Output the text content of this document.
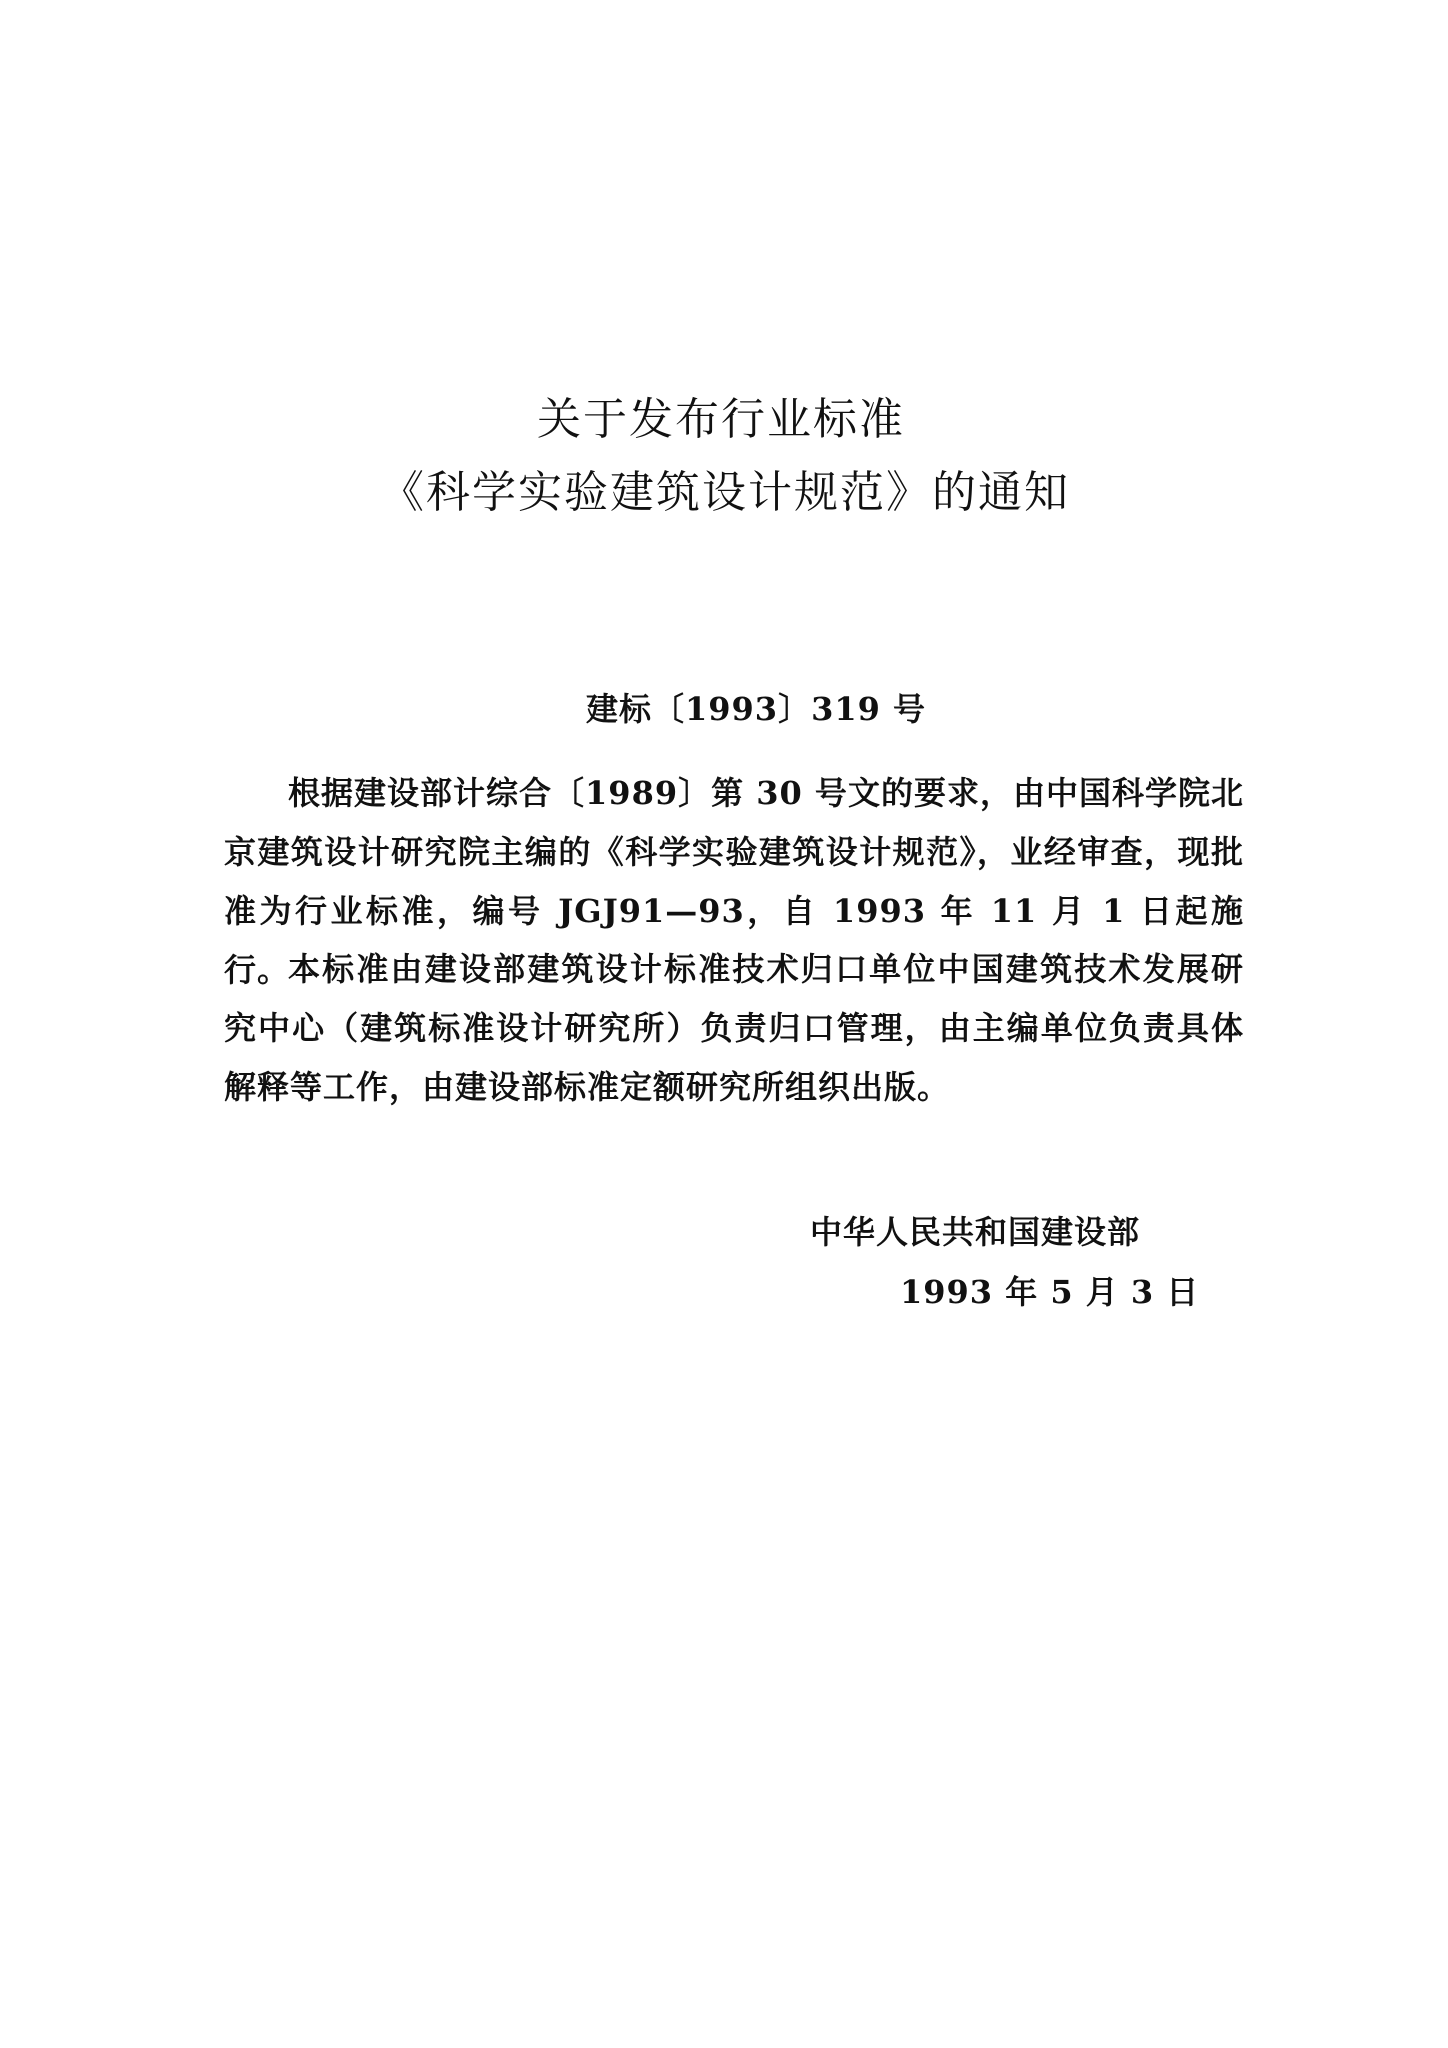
关于发布行业标准
《科学实验建筑设计规范》的通知
建标〔1993〕319 号

根据建设部计综合〔1989〕第 30 号文的要求，由中国科学院北京建筑设计研究院主编的《科学实验建筑设计规范》，业经审查，现批准为行业标准，编号 JGJ91—93，自 1993 年 11 月 1 日起施行。

本标准由建设部建筑设计标准技术归口单位中国建筑技术发展研究中心（建筑标准设计研究所）负责归口管理，由主编单位负责具体解释等工作，由建设部标准定额研究所组织出版。

中华人民共和国建设部
1993 年 5 月 3 日
